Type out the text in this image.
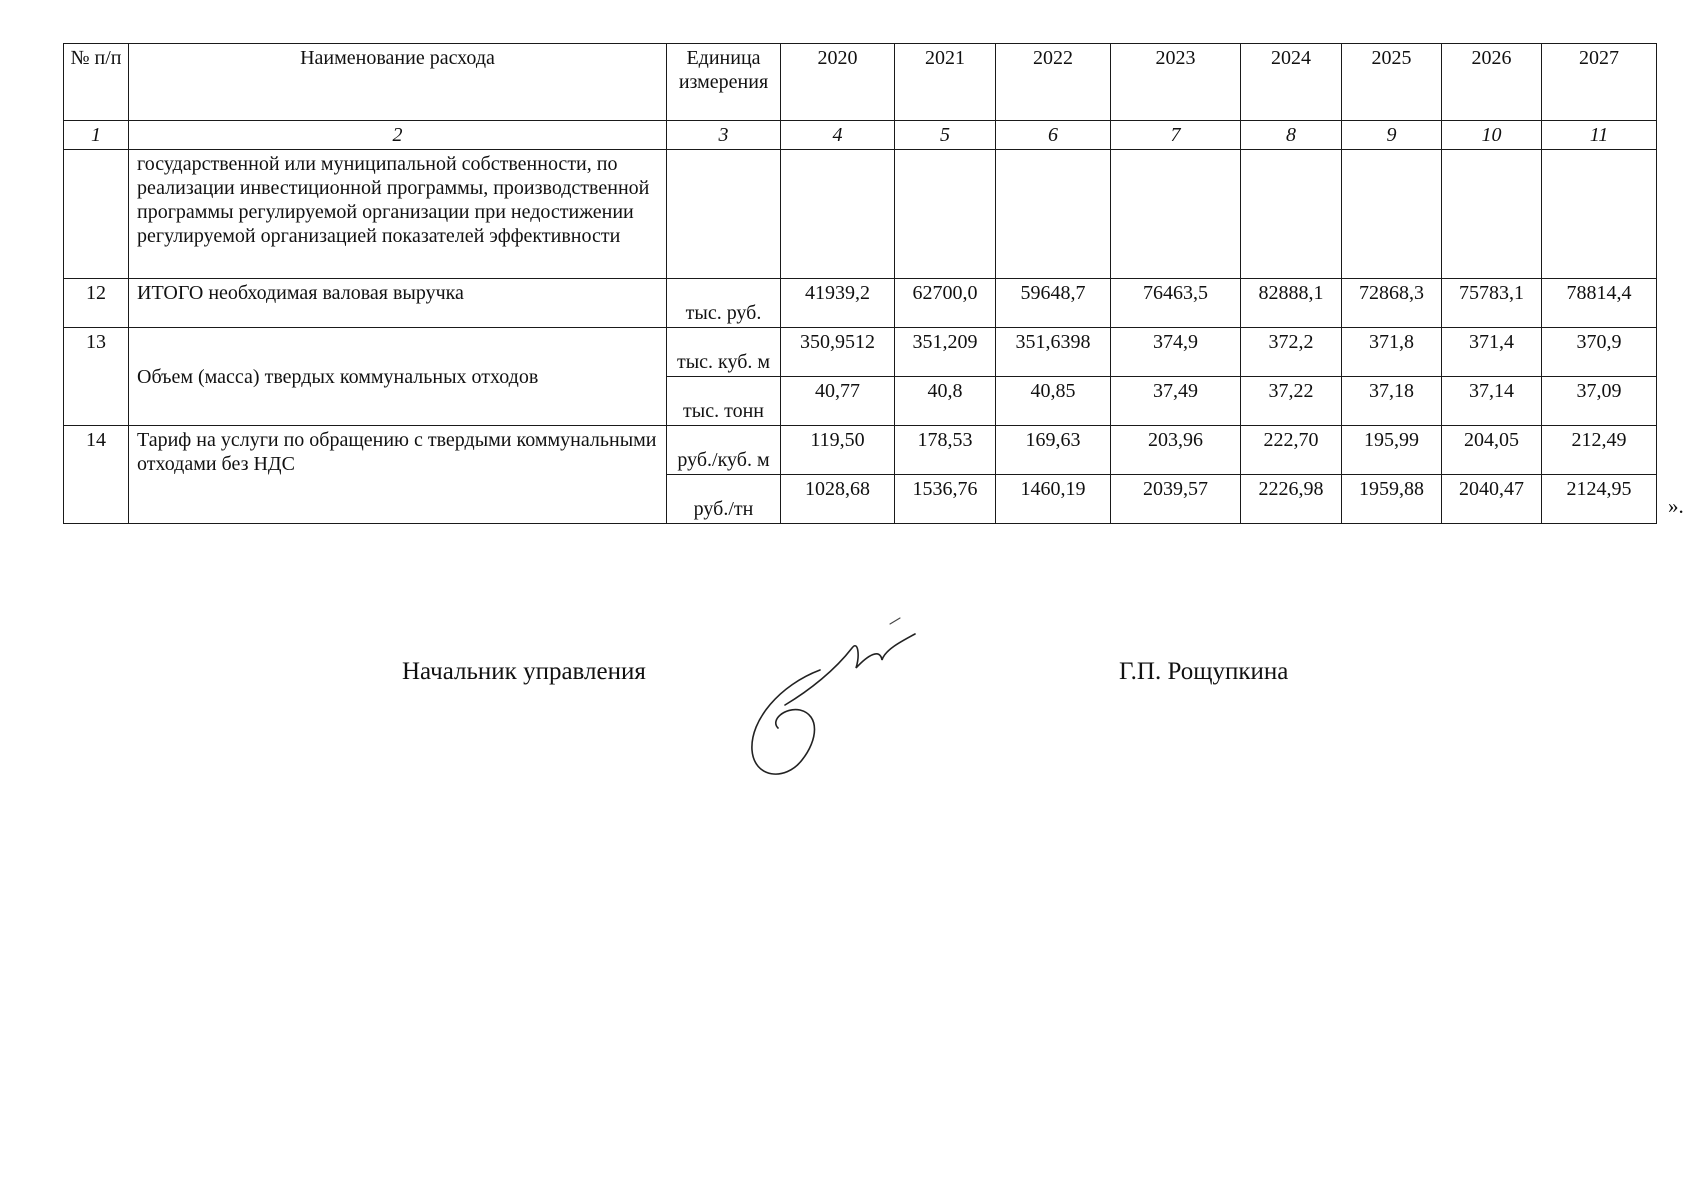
№ п/п	Наименование расхода	Единица измерения	2020	2021	2022	2023	2024	2025	2026	2027
1	2	3	4	5	6	7	8	9	10	11
	государственной или муниципальной собственности, по реализации инвестиционной программы, производственной программы регулируемой организации при недостижении регулируемой организацией показателей эффективности									
12	ИТОГО необходимая валовая выручка	тыс. руб.	41939,2	62700,0	59648,7	76463,5	82888,1	72868,3	75783,1	78814,4
13	Объем (масса) твердых коммунальных отходов	тыс. куб. м	350,9512	351,209	351,6398	374,9	372,2	371,8	371,4	370,9
		тыс. тонн	40,77	40,8	40,85	37,49	37,22	37,18	37,14	37,09
14	Тариф на услуги по обращению с твердыми коммунальными отходами без НДС	руб./куб. м	119,50	178,53	169,63	203,96	222,70	195,99	204,05	212,49
		руб./тн	1028,68	1536,76	1460,19	2039,57	2226,98	1959,88	2040,47	2124,95
».
Начальник управления	Г.П. Рощупкина
